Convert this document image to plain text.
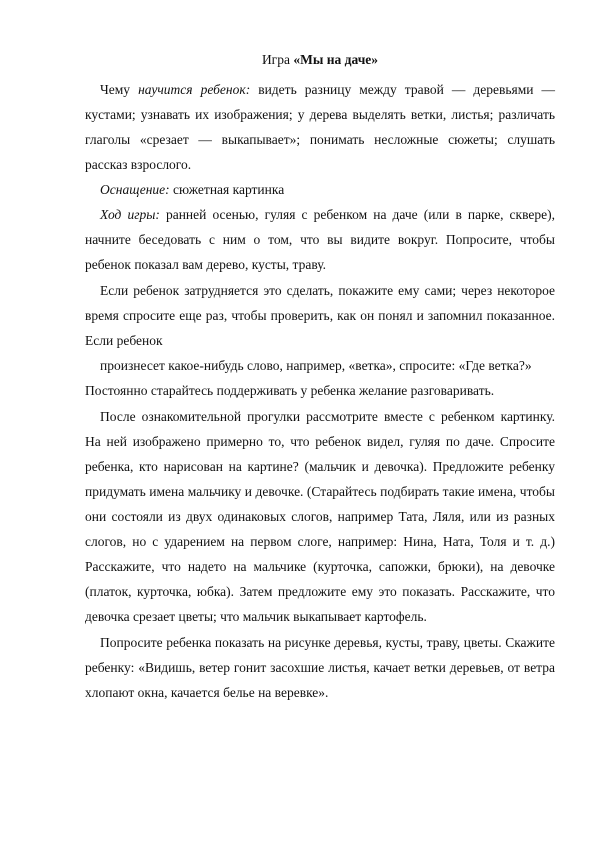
Игра «Мы на даче»

Чему научится ребенок: видеть разницу между травой — деревьями — кустами; узнавать их изображения; у дерева выделять ветки, листья; различать глаголы «срезает — выкапывает»; понимать несложные сюжеты; слушать рассказ взрослого.

Оснащение: сюжетная картинка

Ход игры: ранней осенью, гуляя с ребенком на даче (или в парке, сквере), начните беседовать с ним о том, что вы видите вокруг. Попросите, чтобы ребенок показал вам дерево, кусты, траву.

Если ребенок затрудняется это сделать, покажите ему сами; через некоторое время спросите еще раз, чтобы проверить, как он понял и запомнил показанное. Если ребенок

произнесет какое-нибудь слово, например, «ветка», спросите: «Где ветка?»

Постоянно старайтесь поддерживать у ребенка желание разговаривать.

После ознакомительной прогулки рассмотрите вместе с ребенком картинку. На ней изображено примерно то, что ребенок видел, гуляя по даче. Спросите ребенка, кто нарисован на картине? (мальчик и девочка). Предложите ребенку придумать имена мальчику и девочке. (Старайтесь подбирать такие имена, чтобы они состояли из двух одинаковых слогов, например Тата, Ляля, или из разных слогов, но с ударением на первом слоге, например: Нина, Ната, Толя и т. д.) Расскажите, что надето на мальчике (курточка, сапожки, брюки), на девочке (платок, курточка, юбка). Затем предложите ему это показать. Расскажите, что девочка срезает цветы; что мальчик выкапывает картофель.

Попросите ребенка показать на рисунке деревья, кусты, траву, цветы. Скажите ребенку: «Видишь, ветер гонит засохшие листья, качает ветки деревьев, от ветра хлопают окна, качается белье на веревке».
